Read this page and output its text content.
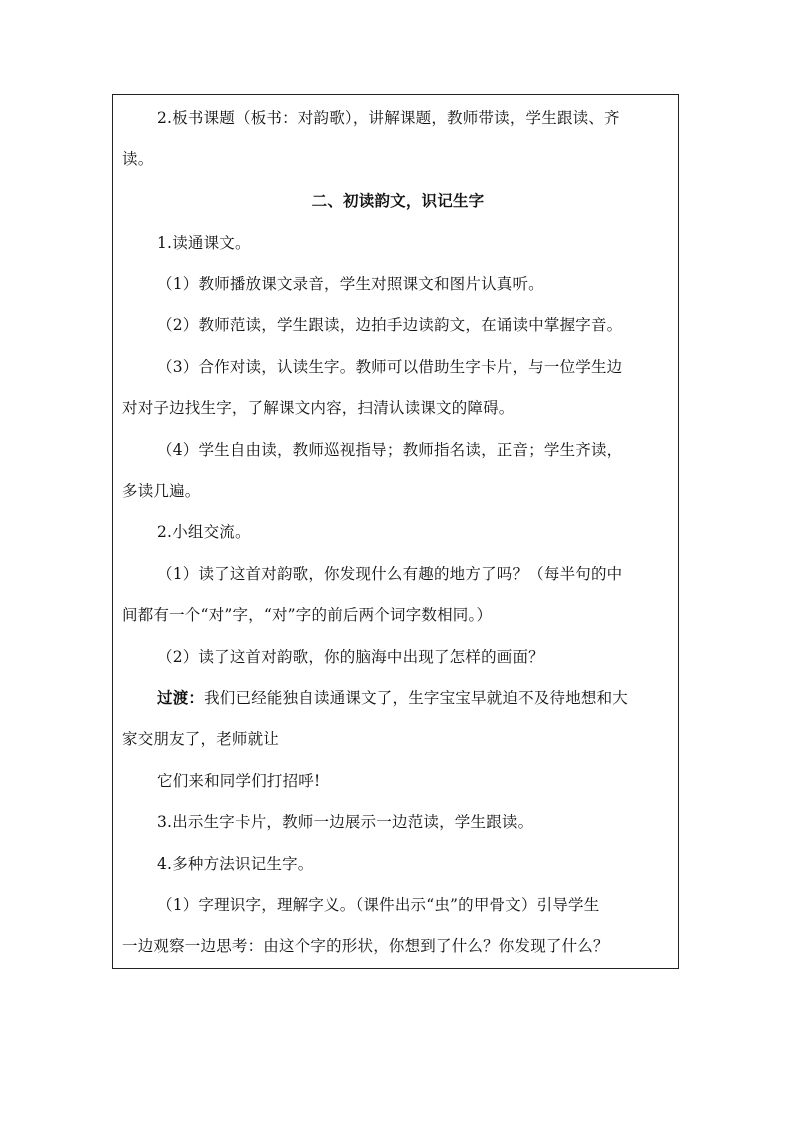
2.板书课题（板书：对韵歌），讲解课题，教师带读，学生跟读、齐
读。
二、初读韵文，识记生字
1.读通课文。
（1）教师播放课文录音，学生对照课文和图片认真听。
（2）教师范读，学生跟读，边拍手边读韵文，在诵读中掌握字音。
（3）合作对读，认读生字。教师可以借助生字卡片，与一位学生边
对对子边找生字，了解课文内容，扫清认读课文的障碍。
（4）学生自由读，教师巡视指导；教师指名读，正音；学生齐读，
多读几遍。
2.小组交流。
（1）读了这首对韵歌，你发现什么有趣的地方了吗？（每半句的中
间都有一个“对”字，“对”字的前后两个词字数相同。）
（2）读了这首对韵歌，你的脑海中出现了怎样的画面？
过渡：我们已经能独自读通课文了，生字宝宝早就迫不及待地想和大
家交朋友了，老师就让
它们来和同学们打招呼!
3.出示生字卡片，教师一边展示一边范读，学生跟读。
4.多种方法识记生字。
（1）字理识字，理解字义。（课件出示“虫”的甲骨文）引导学生
一边观察一边思考：由这个字的形状，你想到了什么？你发现了什么？
